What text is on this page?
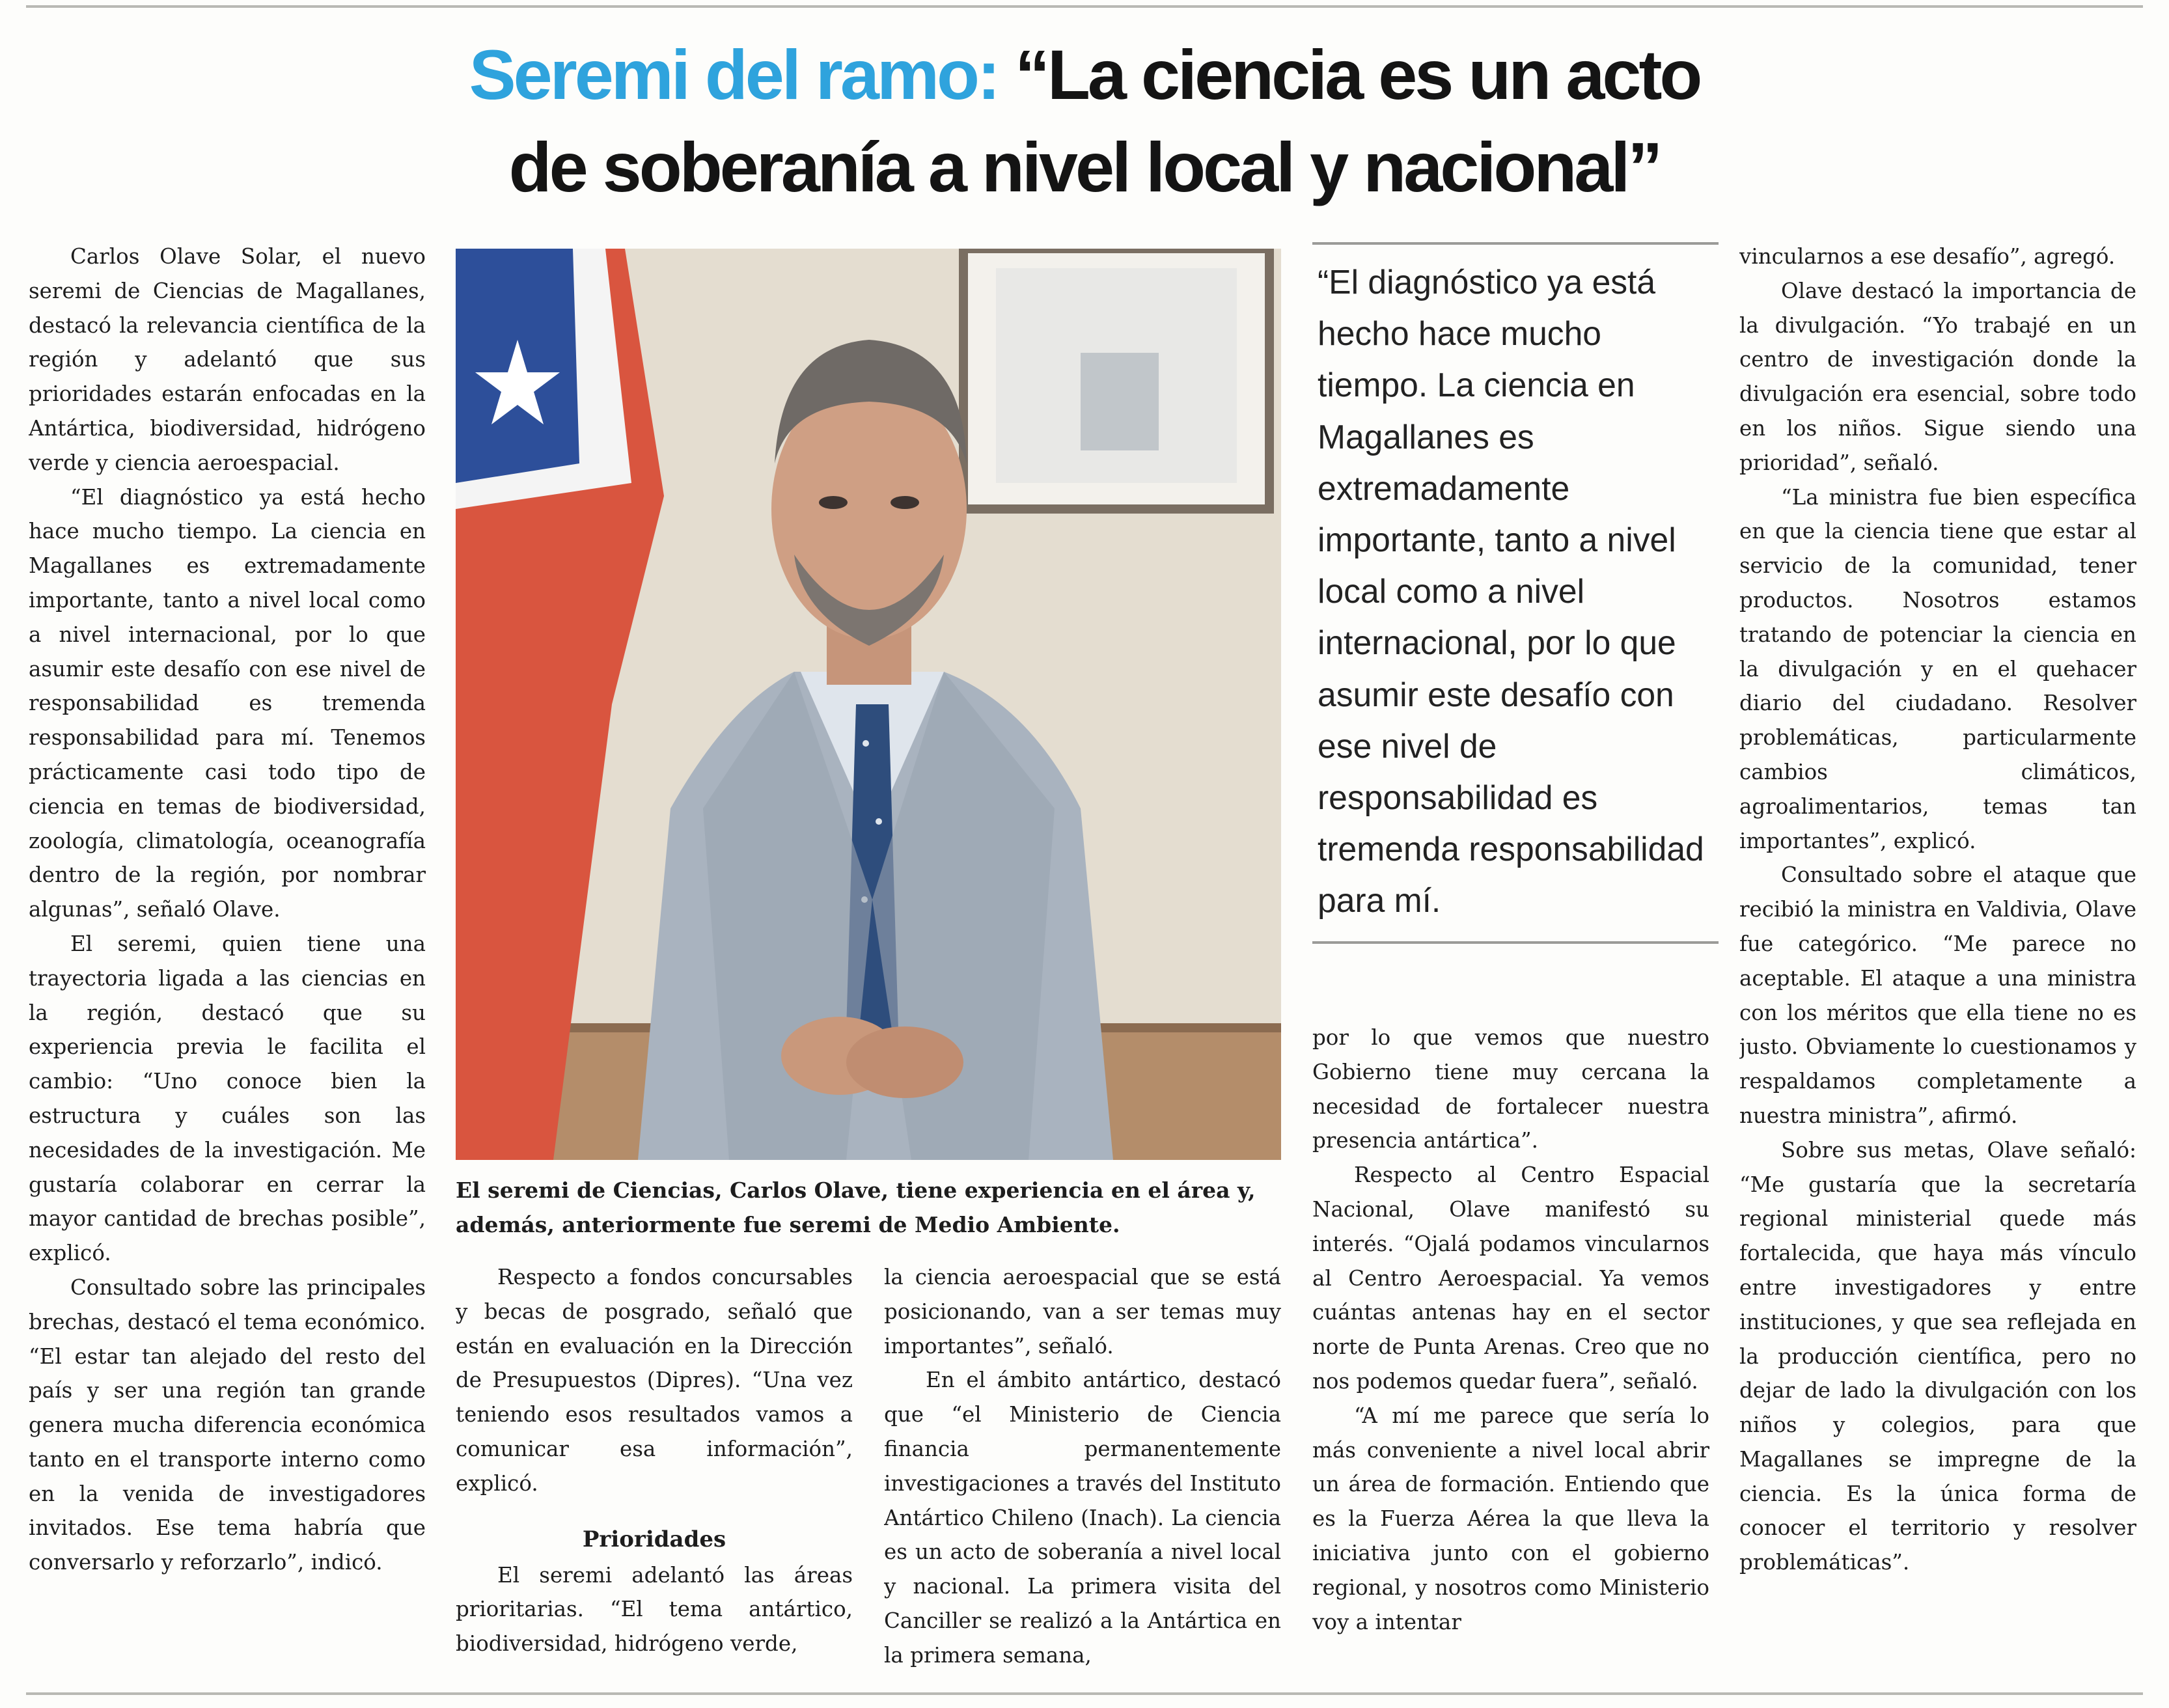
Seremi del ramo: “La ciencia es un acto
de soberanía a nivel local y nacional”

Carlos Olave Solar, el nuevo seremi de Ciencias de Magallanes, destacó la relevancia científica de la región y adelantó que sus prioridades estarán enfocadas en la Antártica, biodiversidad, hidrógeno verde y ciencia aeroespacial.

“El diagnóstico ya está hecho hace mucho tiempo. La ciencia en Magallanes es extremadamente importante, tanto a nivel local como a nivel internacional, por lo que asumir este desafío con ese nivel de responsabilidad es tremenda responsabilidad para mí. Tenemos prácticamente casi todo tipo de ciencia en temas de biodiversidad, zoología, climatología, oceanografía dentro de la región, por nombrar algunas”, señaló Olave.

El seremi, quien tiene una trayectoria ligada a las ciencias en la región, destacó que su experiencia previa le facilita el cambio: “Uno conoce bien la estructura y cuáles son las necesidades de la investigación. Me gustaría colaborar en cerrar la mayor cantidad de brechas posible”, explicó.

Consultado sobre las principales brechas, destacó el tema económico. “El estar tan alejado del resto del país y ser una región tan grande genera mucha diferencia económica tanto en el transporte interno como en la venida de investigadores invitados. Ese tema habría que conversarlo y reforzarlo”, indicó.

El seremi de Ciencias, Carlos Olave, tiene experiencia en el área y, además, anteriormente fue seremi de Medio Ambiente.
“El diagnóstico ya está hecho hace mucho tiempo. La ciencia en Magallanes es extremadamente importante, tanto a nivel local como a nivel internacional, por lo que asumir este desafío con ese nivel de responsabilidad es tremenda responsabilidad para mí.

Respecto a fondos concursables y becas de posgrado, señaló que están en evaluación en la Dirección de Presupuestos (Dipres). “Una vez teniendo esos resultados vamos a comunicar esa información”, explicó.

Prioridades

El seremi adelantó las áreas prioritarias. “El tema antártico, biodiversidad, hidrógeno verde,

la ciencia aeroespacial que se está posicionando, van a ser temas muy importantes”, señaló.

En el ámbito antártico, destacó que “el Ministerio de Ciencia financia permanentemente investigaciones a través del Instituto Antártico Chileno (Inach). La ciencia es un acto de soberanía a nivel local y nacional. La primera visita del Canciller se realizó a la Antártica en la primera semana,

por lo que vemos que nuestro Gobierno tiene muy cercana la necesidad de fortalecer nuestra presencia antártica”.

Respecto al Centro Espacial Nacional, Olave manifestó su interés. “Ojalá podamos vincularnos al Centro Aeroespacial. Ya vemos cuántas antenas hay en el sector norte de Punta Arenas. Creo que no nos podemos quedar fuera”, señaló.

“A mí me parece que sería lo más conveniente a nivel local abrir un área de formación. Entiendo que es la Fuerza Aérea la que lleva la iniciativa junto con el gobierno regional, y nosotros como Ministerio voy a intentar

vincularnos a ese desafío”, agregó.

Olave destacó la importancia de la divulgación. “Yo trabajé en un centro de investigación donde la divulgación era esencial, sobre todo en los niños. Sigue siendo una prioridad”, señaló.

“La ministra fue bien específica en que la ciencia tiene que estar al servicio de la comunidad, tener productos. Nosotros estamos tratando de potenciar la ciencia en la divulgación y en el quehacer diario del ciudadano. Resolver problemáticas, particularmente cambios climáticos, agroalimentarios, temas tan importantes”, explicó.

Consultado sobre el ataque que recibió la ministra en Valdivia, Olave fue categórico. “Me parece no aceptable. El ataque a una ministra con los méritos que ella tiene no es justo. Obviamente lo cuestionamos y respaldamos completamente a nuestra ministra”, afirmó.

Sobre sus metas, Olave señaló: “Me gustaría que la secretaría regional ministerial quede más fortalecida, que haya más vínculo entre investigadores y entre instituciones, y que sea reflejada en la producción científica, pero no dejar de lado la divulgación con los niños y colegios, para que Magallanes se impregne de la ciencia. Es la única forma de conocer el territorio y resolver problemáticas”.
